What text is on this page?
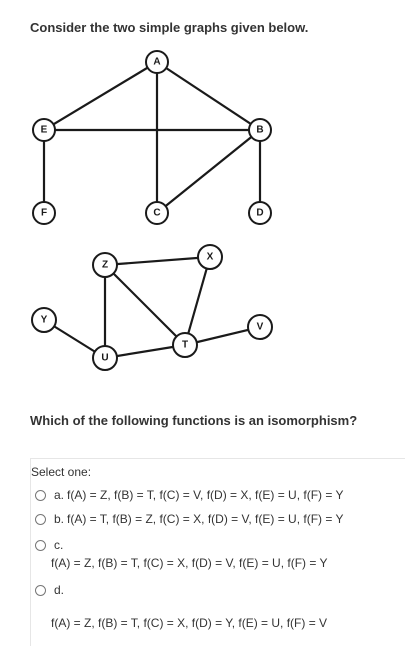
Consider the two simple graphs given below.
A
E	B
F	C	D
Z
X
Y
U
T
V
Which of the following functions is an isomorphism?
Select one:
a. f(A) = Z, f(B) = T, f(C) = V, f(D) = X, f(E) = U, f(F) = Y
b. f(A) = T, f(B) = Z, f(C) = X, f(D) = V, f(E) = U, f(F) = Y
c.
f(A) = Z, f(B) = T, f(C) = X, f(D) = V, f(E) = U, f(F) = Y
d.
f(A) = Z, f(B) = T, f(C) = X, f(D) = Y, f(E) = U, f(F) = V
